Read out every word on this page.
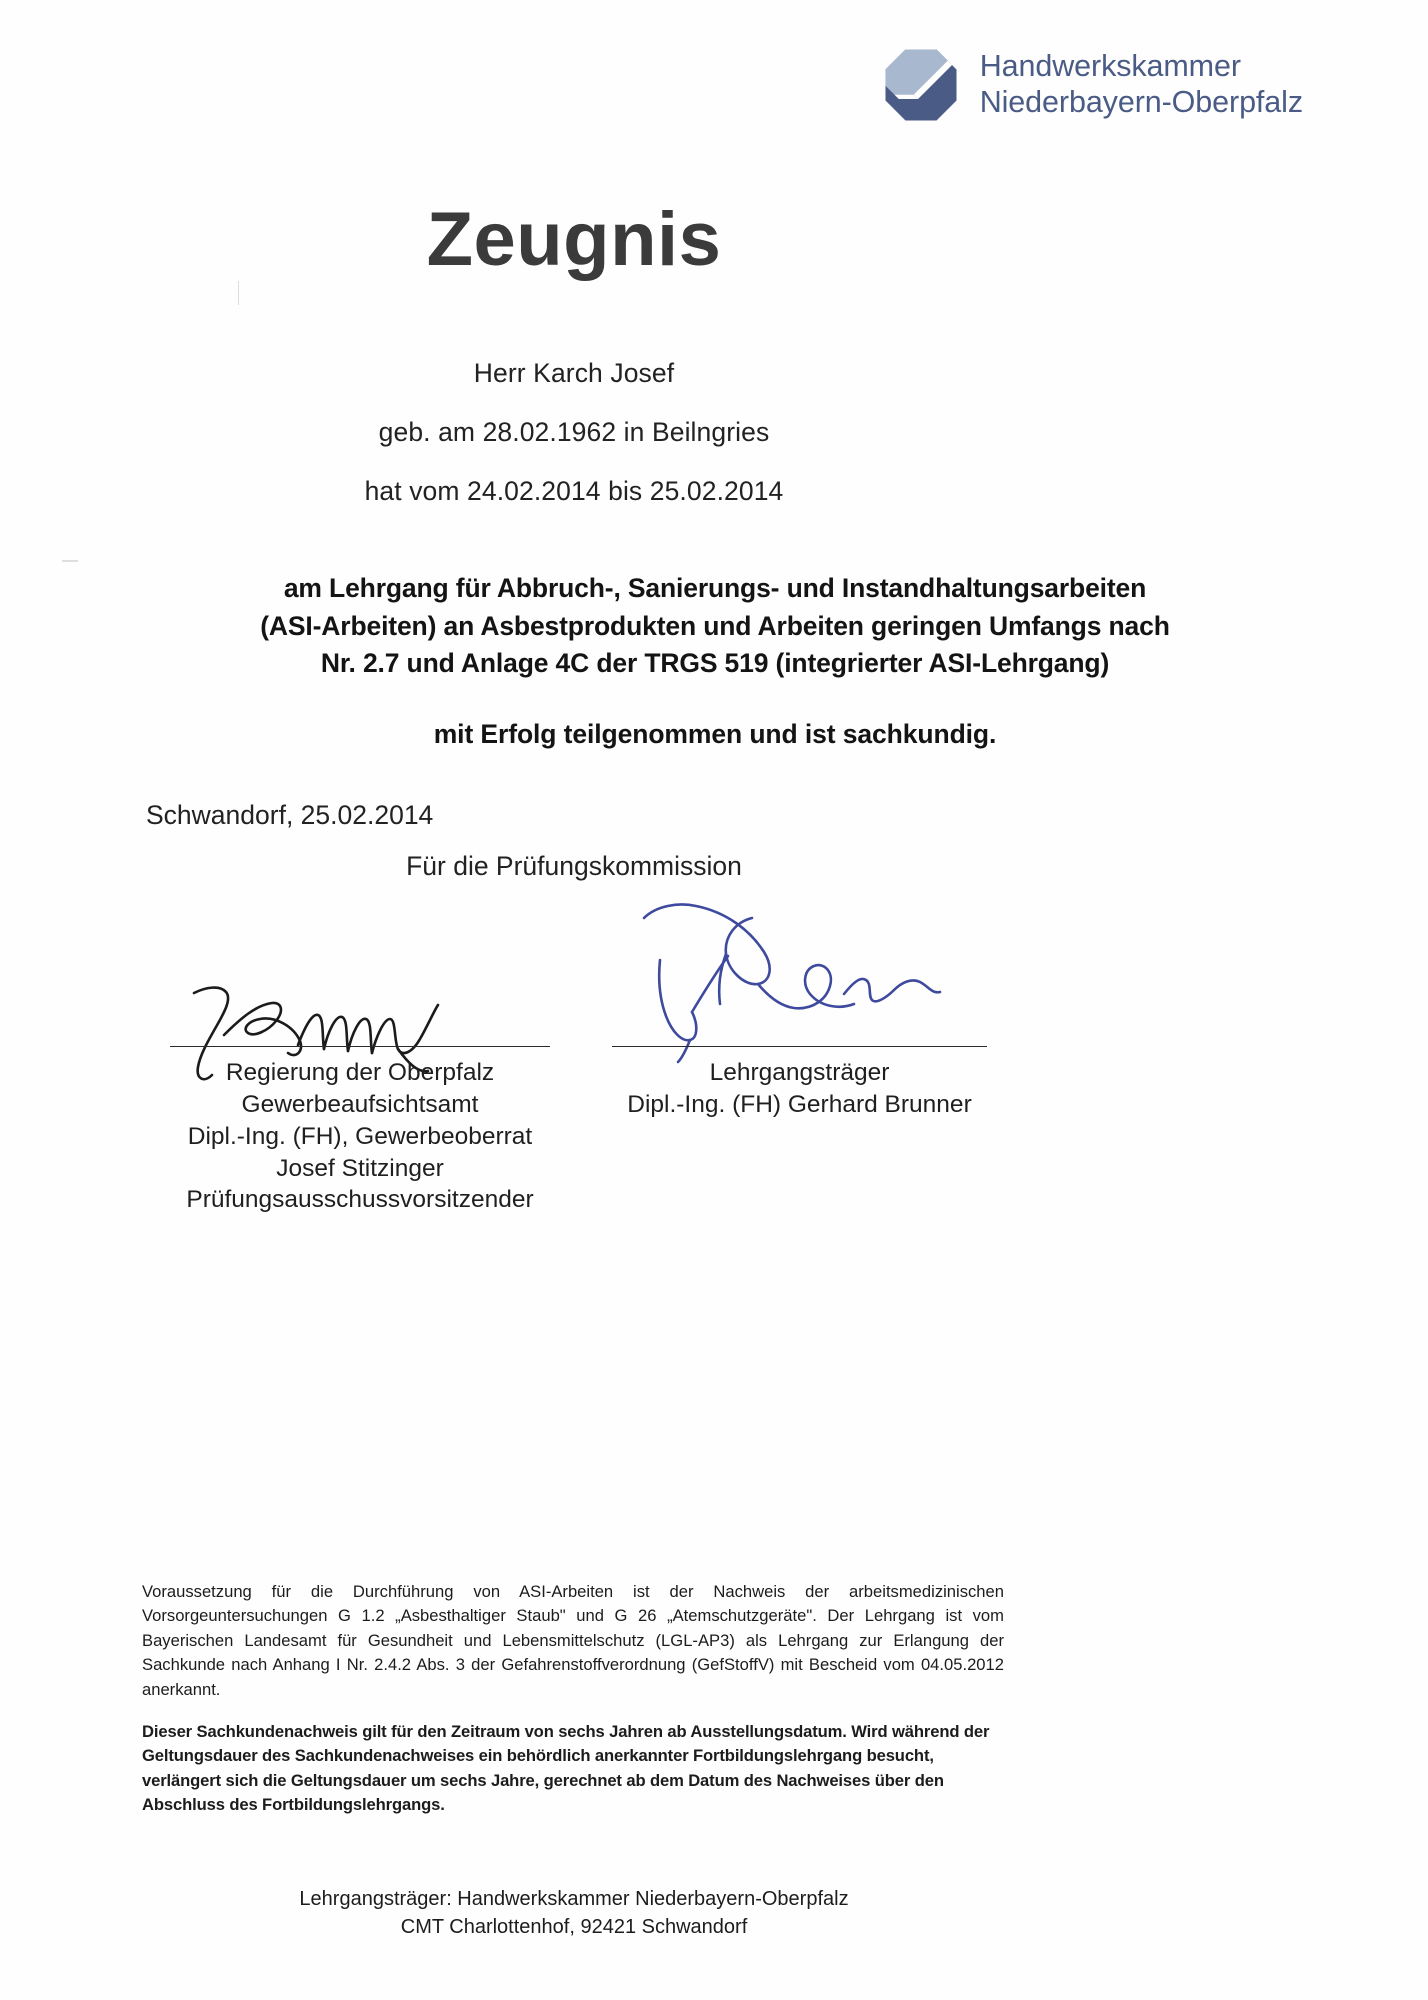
Handwerkskammer
Niederbayern-Oberpfalz
Zeugnis
Herr Karch Josef
geb. am 28.02.1962 in Beilngries
hat vom 24.02.2014 bis 25.02.2014
am Lehrgang für Abbruch-, Sanierungs- und Instandhaltungsarbeiten
(ASI-Arbeiten) an Asbestprodukten und Arbeiten geringen Umfangs nach
Nr. 2.7 und Anlage 4C der TRGS 519 (integrierter ASI-Lehrgang)
mit Erfolg teilgenommen und ist sachkundig.
Schwandorf, 25.02.2014
Für die Prüfungskommission
Regierung der Oberpfalz
Gewerbeaufsichtsamt
Dipl.-Ing. (FH), Gewerbeoberrat
Josef Stitzinger
Prüfungsausschussvorsitzender
Lehrgangsträger
Dipl.-Ing. (FH) Gerhard Brunner

Voraussetzung für die Durchführung von ASI-Arbeiten ist der Nachweis der arbeitsmedizinischen Vorsorgeuntersuchungen G 1.2 „Asbesthaltiger Staub" und G 26 „Atemschutzgeräte". Der Lehrgang ist vom Bayerischen Landesamt für Gesundheit und Lebensmittelschutz (LGL-AP3) als Lehrgang zur Erlangung der Sachkunde nach Anhang I Nr. 2.4.2 Abs. 3 der Gefahrenstoffverordnung (GefStoffV) mit Bescheid vom 04.05.2012 anerkannt.

Dieser Sachkundenachweis gilt für den Zeitraum von sechs Jahren ab Ausstellungsdatum. Wird während der Geltungsdauer des Sachkundenachweises ein behördlich anerkannter Fortbildungslehrgang besucht, verlängert sich die Geltungsdauer um sechs Jahre, gerechnet ab dem Datum des Nachweises über den Abschluss des Fortbildungslehrgangs.

Lehrgangsträger: Handwerkskammer Niederbayern-Oberpfalz
CMT Charlottenhof, 92421 Schwandorf
